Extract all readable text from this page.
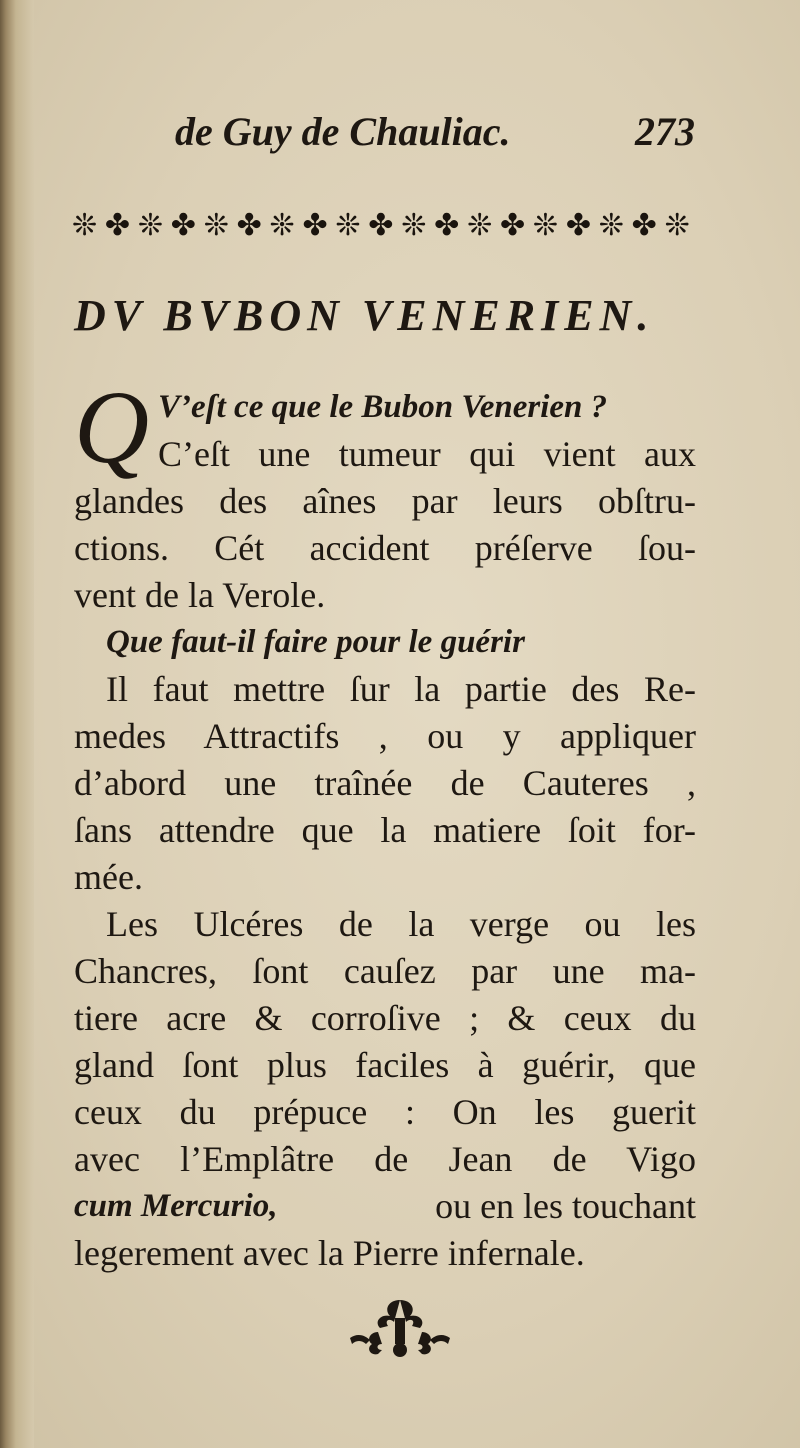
de Guy de Chauliac.	273
❊ ✤ ❊ ✤ ❊ ✤ ❊ ✤ ❊ ✤ ❊ ✤ ❊ ✤ ❊ ✤ ❊ ✤ ❊
DV BVBON VENERIEN.
Q V’eſt ce que le Bubon Venerien ?
C’eſt une tumeur qui vient aux
glandes des aînes par leurs obſtru-
ctions. Cét accident préſerve ſou-
vent de la Verole.
Que faut-il faire pour le guérir
Il faut mettre ſur la partie des Re-
medes Attractifs , ou y appliquer
d’abord une traînée de Cauteres ,
ſans attendre que la matiere ſoit for-
mée.
Les Ulcéres de la verge ou les
Chancres, ſont cauſez par une ma-
tiere acre & corroſive ; & ceux du
gland ſont plus faciles à guérir, que
ceux du prépuce : On les guerit
avec l’Emplâtre de Jean de Vigo
cum Mercurio,	ou en les touchant
legerement avec la Pierre infernale.
